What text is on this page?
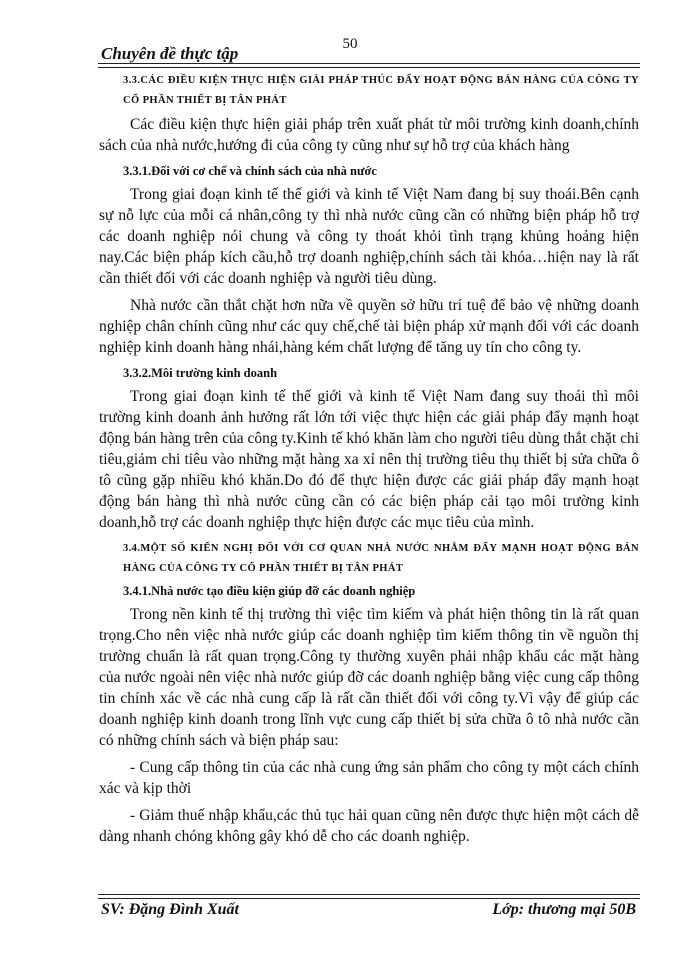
50
Chuyên đề thực tập
3.3.CÁC ĐIỀU KIỆN THỰC HIỆN GIẢI PHÁP THÚC ĐẨY HOẠT ĐỘNG BÁN HÀNG CỦA CÔNG TY CỔ PHẦN THIẾT BỊ TÂN PHÁT

Các điều kiện thực hiện giải pháp trên xuất phát từ môi trường kinh doanh,chính sách của nhà nước,hướng đi của công ty cũng như sự hỗ trợ của khách hàng

3.3.1.Đối với cơ chế và chính sách của nhà nước

Trong giai đoạn kinh tế thế giới và kinh tế Việt Nam đang bị suy thoái.Bên cạnh sự nỗ lực của mỗi cá nhân,công ty thì nhà nước cũng cần có những biện pháp hỗ trợ các doanh nghiệp nói chung và công ty thoát khỏi tình trạng khủng hoảng hiện nay.Các biện pháp kích cầu,hỗ trợ doanh nghiệp,chính sách tài khóa…hiện nay là rất cần thiết đối với các doanh nghiệp và người tiêu dùng.

Nhà nước cần thắt chặt hơn nữa về quyền sở hữu trí tuệ để bảo vệ những doanh nghiệp chân chính cũng như các quy chế,chế tài biện pháp xử mạnh đối với các doanh nghiệp kinh doanh hàng nhái,hàng kém chất lượng để tăng uy tín cho công ty.

3.3.2.Môi trường kinh doanh

Trong giai đoạn kinh tế thế giới và kinh tế Việt Nam đang suy thoái thì môi trường kinh doanh ảnh hưởng rất lớn tới việc thực hiện các giải pháp đẩy mạnh hoạt động bán hàng trên của công ty.Kinh tế khó khăn làm cho người tiêu dùng thắt chặt chi tiêu,giảm chi tiêu vào những mặt hàng xa xỉ nên thị trường tiêu thụ thiết bị sửa chữa ô tô cũng gặp nhiều khó khăn.Do đó để thực hiện được các giải pháp đẩy mạnh hoạt động bán hàng thì nhà nước cũng cần có các biện pháp cải tạo môi trường kinh doanh,hỗ trợ các doanh nghiệp thực hiện được các mục tiêu của mình.

3.4.MỘT SỐ KIẾN NGHỊ ĐỐI VỚI CƠ QUAN NHÀ NƯỚC NHẰM ĐẨY MẠNH HOẠT ĐỘNG BÁN HÀNG CỦA CÔNG TY CỔ PHẦN THIẾT BỊ TÂN PHÁT
3.4.1.Nhà nước tạo điều kiện giúp đỡ các doanh nghiệp

Trong nền kinh tế thị trường thì việc tìm kiếm và phát hiện thông tin là rất quan trọng.Cho nên việc nhà nước giúp các doanh nghiệp tìm kiếm thông tin về nguồn thị trường chuẩn là rất quan trọng.Công ty thường xuyên phải nhập khẩu các mặt hàng của nước ngoài nên việc nhà nước giúp đỡ các doanh nghiệp bằng việc cung cấp thông tin chính xác về các nhà cung cấp là rất cần thiết đối với công ty.Vì vậy để giúp các doanh nghiệp kinh doanh trong lĩnh vực cung cấp thiết bị sửa chữa ô tô nhà nước cần có những chính sách và biện pháp sau:

- Cung cấp thông tin của các nhà cung ứng sản phẩm cho công ty một cách chính xác và kịp thời

- Giảm thuế nhập khẩu,các thủ tục hải quan cũng nên được thực hiện một cách dễ dàng nhanh chóng không gây khó dễ cho các doanh nghiệp.

SV: Đặng Đình Xuất	Lớp: thương mại 50B
